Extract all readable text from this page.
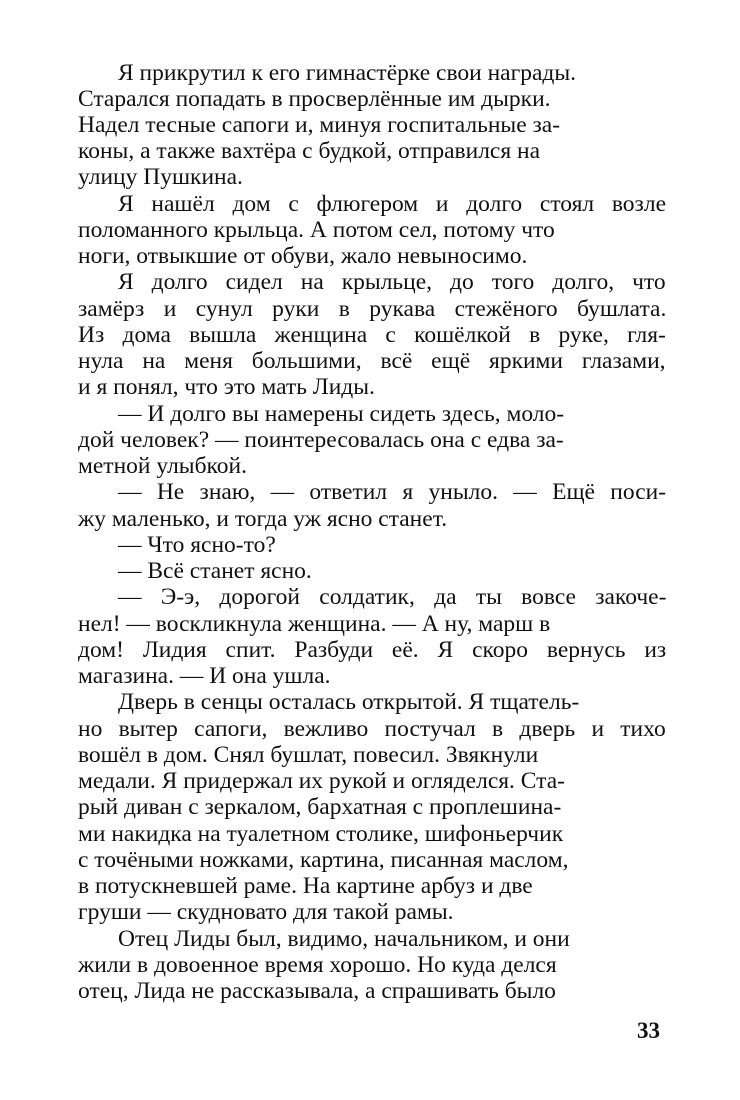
Я прикрутил к его гимнастёрке свои награды.
Старался попадать в просверлённые им дырки.
Надел тесные сапоги и, минуя госпитальные за-
коны, а также вахтёра с будкой, отправился на
улицу Пушкина.
Я нашёл дом с флюгером и долго стоял возле
поломанного крыльца. А потом сел, потому что
ноги, отвыкшие от обуви, жало невыносимо.
Я долго сидел на крыльце, до того долго, что
замёрз и сунул руки в рукава стежёного бушлата.
Из дома вышла женщина с кошёлкой в руке, гля-
нула на меня большими, всё ещё яркими глазами,
и я понял, что это мать Лиды.
— И долго вы намерены сидеть здесь, моло-
дой человек? — поинтересовалась она с едва за-
метной улыбкой.
— Не знаю, — ответил я уныло. — Ещё поси-
жу маленько, и тогда уж ясно станет.
— Что ясно-то?
— Всё станет ясно.
— Э-э, дорогой солдатик, да ты вовсе закоче-
нел! — воскликнула женщина. — А ну, марш в
дом! Лидия спит. Разбуди её. Я скоро вернусь из
магазина. — И она ушла.
Дверь в сенцы осталась открытой. Я тщатель-
но вытер сапоги, вежливо постучал в дверь и тихо
вошёл в дом. Снял бушлат, повесил. Звякнули
медали. Я придержал их рукой и огляделся. Ста-
рый диван с зеркалом, бархатная с проплешина-
ми накидка на туалетном столике, шифоньерчик
с точёными ножками, картина, писанная маслом,
в потускневшей раме. На картине арбуз и две
груши — скудновато для такой рамы.
Отец Лиды был, видимо, начальником, и они
жили в довоенное время хорошо. Но куда делся
отец, Лида не рассказывала, а спрашивать было
33
